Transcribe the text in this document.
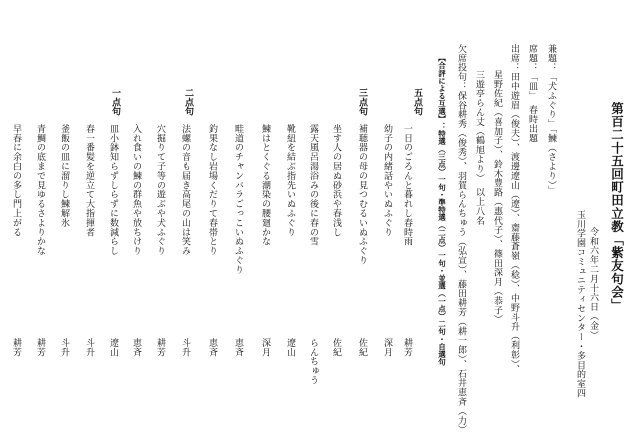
第百二十五回町田立教「紫友句会」
令和六年二月十六日（金）
玉川学園コミュニティセンター・多目的室四
兼題：「犬ふぐり」「鰊（さより）」
席題：「皿」　春時出題
出席：田中遊眉（俊夫）、渡邊遼山（遼）、齋藤蒼嶺（稔）、中野斗升（利彰）、
星野佐紀（喜加子）、鈴木豊路（惠代子）、篠田深月（恭子）
三遊亭らん丈（鶴旭より）　以上八名
欠席投句：保谷耕秀（俊秀）、羽賀らんちゅう（弘宣）、藤田耕芳（耕一郎）、石井恵斉（力）
【合評による互選】：特選（三点）一句・準特選（二点）一句・並選（一点）二句・自選句
五点句
一日のごろんと暮れし春時雨
耕芳
幼子の内緒話やいぬふぐり
深月
三点句
補聴器の母の見つむるいぬふぐり
佐紀
坐す人の居ぬ砂浜や春浅し
佐紀
露天風呂湯浴みの後に春の雪
らんちゅう
靴紐を結ぶ指先いぬふぐり
遼山
鰊はとくぐる潮染の腰廻かな
深月
畦道のチャンバラごっこいぬふぐり
恵斉
釣果なし岩場くだりて春帯とり
恵斉
二点句
法螺の音も届き高尾の山は笑み
斗升
穴掘りて子等の遊ぶや犬ふぐり
耕芳
入れ食いの鰊の群魚や放ちけり
恵斉
皿小鉢知らずしらずに数減らし
遼山
一点句
春一番髪を逆立て大指揮者
斗升
釜飯の皿に溜りし鰊解氷
斗升
青鯛の底まで見ゆるさよりかな
耕芳
早春に余白の多し門上がる
耕芳
